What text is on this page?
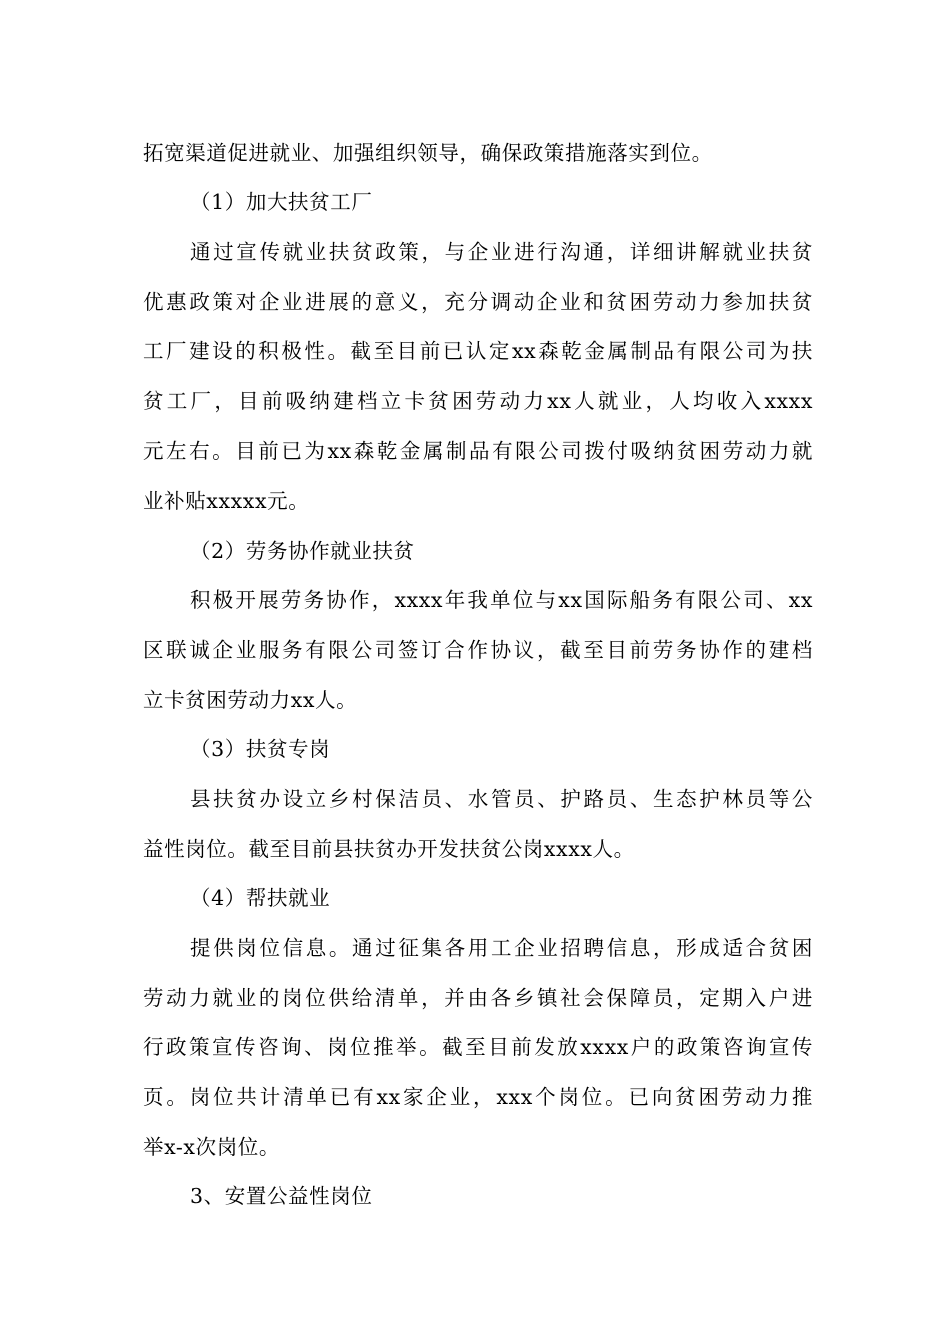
拓宽渠道促进就业、加强组织领导，确保政策措施落实到位。
（1）加大扶贫工厂
通过宣传就业扶贫政策，与企业进行沟通，详细讲解就业扶贫
优惠政策对企业进展的意义，充分调动企业和贫困劳动力参加扶贫
工厂建设的积极性。截至目前已认定xx森乾金属制品有限公司为扶
贫工厂，目前吸纳建档立卡贫困劳动力xx人就业，人均收入xxxx
元左右。目前已为xx森乾金属制品有限公司拨付吸纳贫困劳动力就
业补贴xxxxx元。
（2）劳务协作就业扶贫
积极开展劳务协作，xxxx年我单位与xx国际船务有限公司、xx
区联诚企业服务有限公司签订合作协议，截至目前劳务协作的建档
立卡贫困劳动力xx人。
（3）扶贫专岗
县扶贫办设立乡村保洁员、水管员、护路员、生态护林员等公
益性岗位。截至目前县扶贫办开发扶贫公岗xxxx人。
（4）帮扶就业
提供岗位信息。通过征集各用工企业招聘信息，形成适合贫困
劳动力就业的岗位供给清单，并由各乡镇社会保障员，定期入户进
行政策宣传咨询、岗位推举。截至目前发放xxxx户的政策咨询宣传
页。岗位共计清单已有xx家企业，xxx个岗位。已向贫困劳动力推
举x-x次岗位。
3、安置公益性岗位
